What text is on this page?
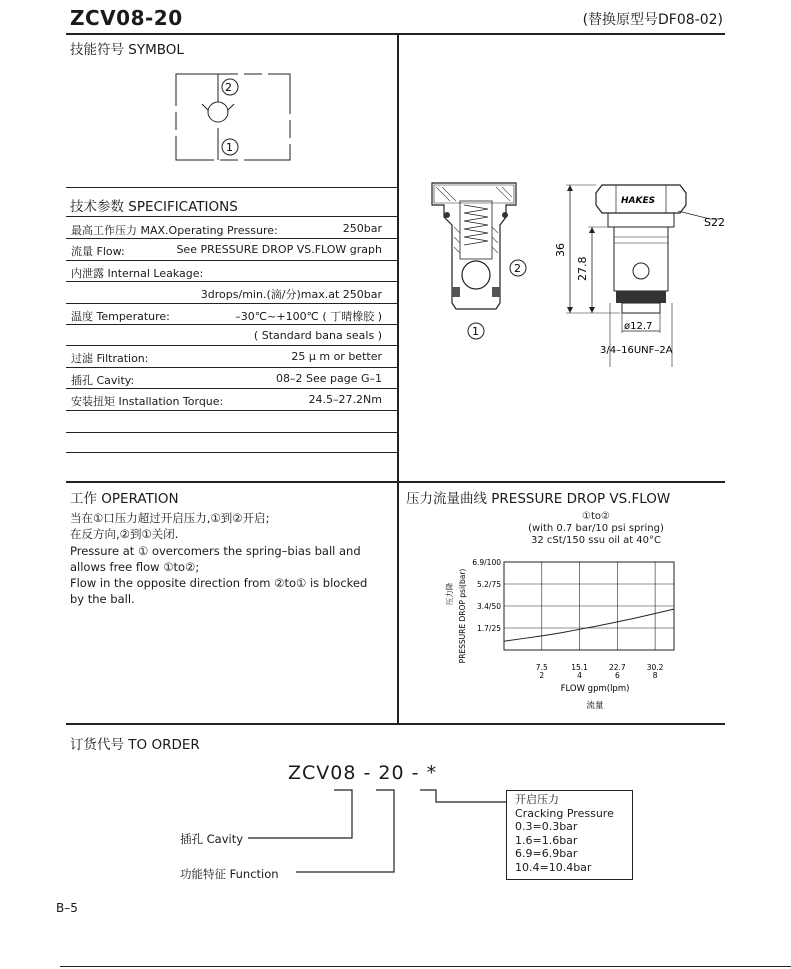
ZCV08-20	(替换原型号DF08-02)
技能符号 SYMBOL
2
1
技术参数 SPECIFICATIONS
最高工作压力 MAX.Operating Pressure:	250bar
流量 Flow:	See PRESSURE DROP VS.FLOW graph
内泄露 Internal Leakage:
3drops/min.(滴/分)max.at 250bar
温度 Temperature:	–30℃~+100℃ ( 丁晴橡胶 )
( Standard bana seals )
过滤 Filtration:	25 μ m or better
插孔 Cavity:	08–2 See page G–1
安装扭矩 Installation Torque:	24.5–27.2Nm
2
1
HAKES
S22
36
27.8
ø12.7
3/4–16UNF–2A
工作 OPERATION
当在①口压力超过开启压力,①到②开启;
在反方向,②到①关闭.
Pressure at ① overcomers the spring–bias ball and
allows free flow ①to②;
Flow in the opposite direction from ②to① is blocked
by the ball.
压力流量曲线 PRESSURE DROP VS.FLOW
①to②
(with 0.7 bar/10 psi spring)
32 cSt/150 ssu oil at 40°C
6.9/100
5.2/75
3.4/50
1.7/25
7.5	15.1	22.7	30.2
2	4	6	8
FLOW gpm(lpm)
流量
压力降 PRESSURE DROP psi(bar)
订货代号 TO ORDER
ZCV08 - 20 - *
插孔 Cavity
功能特征 Function
开启压力
Cracking Pressure
0.3=0.3bar
1.6=1.6bar
6.9=6.9bar
10.4=10.4bar
B–5
